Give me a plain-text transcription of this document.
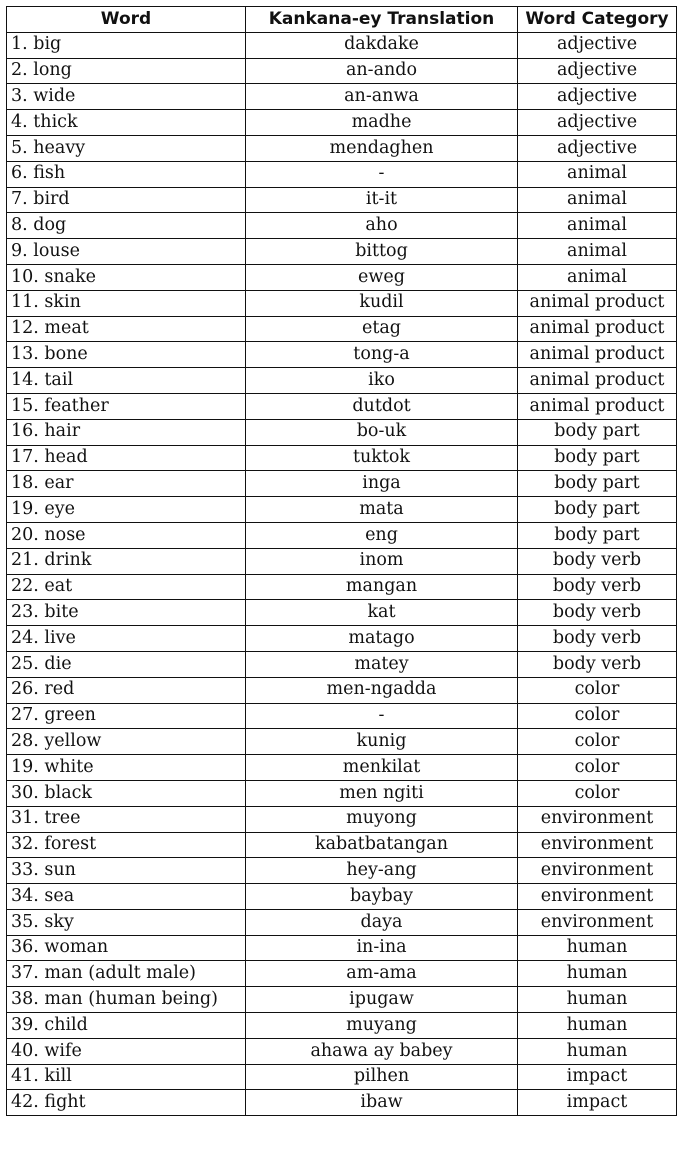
Word	Kankana-ey Translation	Word Category
1. big	dakdake	adjective
2. long	an-ando	adjective
3. wide	an-anwa	adjective
4. thick	madhe	adjective
5. heavy	mendaghen	adjective
6. fish	-	animal
7. bird	it-it	animal
8. dog	aho	animal
9. louse	bittog	animal
10. snake	eweg	animal
11. skin	kudil	animal product
12. meat	etag	animal product
13. bone	tong-a	animal product
14. tail	iko	animal product
15. feather	dutdot	animal product
16. hair	bo-uk	body part
17. head	tuktok	body part
18. ear	inga	body part
19. eye	mata	body part
20. nose	eng	body part
21. drink	inom	body verb
22. eat	mangan	body verb
23. bite	kat	body verb
24. live	matago	body verb
25. die	matey	body verb
26. red	men-ngadda	color
27. green	-	color
28. yellow	kunig	color
19. white	menkilat	color
30. black	men ngiti	color
31. tree	muyong	environment
32. forest	kabatbatangan	environment
33. sun	hey-ang	environment
34. sea	baybay	environment
35. sky	daya	environment
36. woman	in-ina	human
37. man (adult male)	am-ama	human
38. man (human being)	ipugaw	human
39. child	muyang	human
40. wife	ahawa ay babey	human
41. kill	pilhen	impact
42. fight	ibaw	impact
